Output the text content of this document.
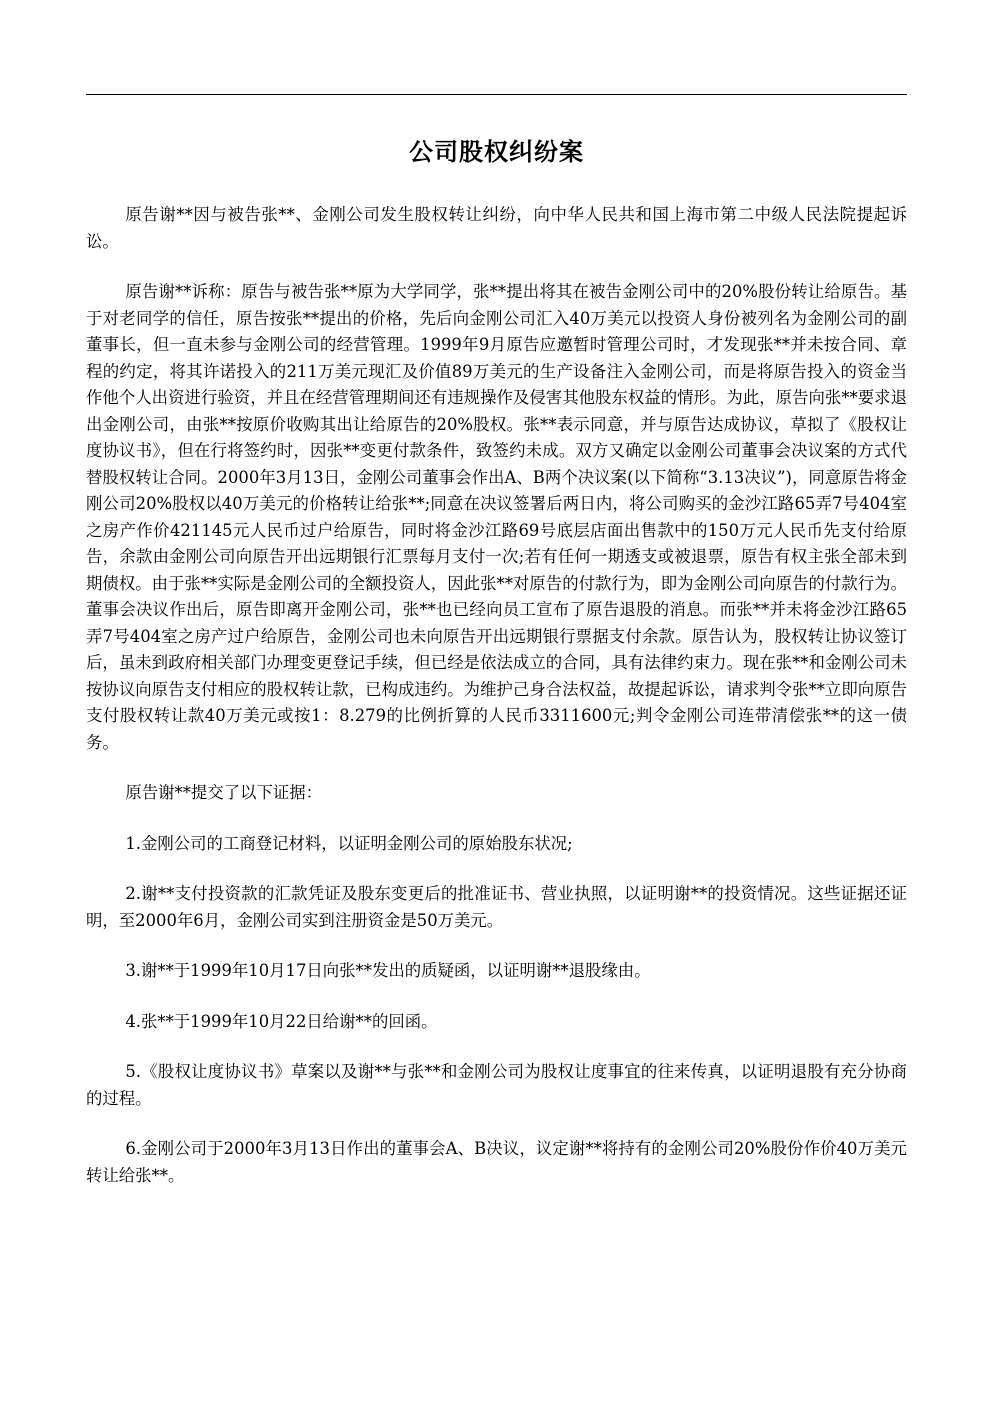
公司股权纠纷案

原告谢**因与被告张**、金刚公司发生股权转让纠纷，向中华人民共和国上海市第二中级人民法院提起诉讼。

原告谢**诉称：原告与被告张**原为大学同学，张**提出将其在被告金刚公司中的20%股份转让给原告。基于对老同学的信任，原告按张**提出的价格，先后向金刚公司汇入40万美元以投资人身份被列名为金刚公司的副董事长，但一直未参与金刚公司的经营管理。1999年9月原告应邀暂时管理公司时，才发现张**并未按合同、章程的约定，将其许诺投入的211万美元现汇及价值89万美元的生产设备注入金刚公司，而是将原告投入的资金当作他个人出资进行验资，并且在经营管理期间还有违规操作及侵害其他股东权益的情形。为此，原告向张**要求退出金刚公司，由张**按原价收购其出让给原告的20%股权。张**表示同意，并与原告达成协议，草拟了《股权让度协议书》，但在行将签约时，因张**变更付款条件，致签约未成。双方又确定以金刚公司董事会决议案的方式代替股权转让合同。2000年3月13日，金刚公司董事会作出A、B两个决议案(以下简称“3.13决议”)，同意原告将金刚公司20%股权以40万美元的价格转让给张**;同意在决议签署后两日内，将公司购买的金沙江路65弄7号404室之房产作价421145元人民币过户给原告，同时将金沙江路69号底层店面出售款中的150万元人民币先支付给原告，余款由金刚公司向原告开出远期银行汇票每月支付一次;若有任何一期透支或被退票，原告有权主张全部未到期债权。由于张**实际是金刚公司的全额投资人，因此张**对原告的付款行为，即为金刚公司向原告的付款行为。董事会决议作出后，原告即离开金刚公司，张**也已经向员工宣布了原告退股的消息。而张**并未将金沙江路65弄7号404室之房产过户给原告，金刚公司也未向原告开出远期银行票据支付余款。原告认为，股权转让协议签订后，虽未到政府相关部门办理变更登记手续，但已经是依法成立的合同，具有法律约束力。现在张**和金刚公司未按协议向原告支付相应的股权转让款，已构成违约。为维护己身合法权益，故提起诉讼，请求判令张**立即向原告支付股权转让款40万美元或按1：8.279的比例折算的人民币3311600元;判令金刚公司连带清偿张**的这一债务。

原告谢**提交了以下证据：

1.金刚公司的工商登记材料，以证明金刚公司的原始股东状况;

2.谢**支付投资款的汇款凭证及股东变更后的批准证书、营业执照，以证明谢**的投资情况。这些证据还证明，至2000年6月，金刚公司实到注册资金是50万美元。

3.谢**于1999年10月17日向张**发出的质疑函，以证明谢**退股缘由。

4.张**于1999年10月22日给谢**的回函。

5.《股权让度协议书》草案以及谢**与张**和金刚公司为股权让度事宜的往来传真，以证明退股有充分协商的过程。

6.金刚公司于2000年3月13日作出的董事会A、B决议，议定谢**将持有的金刚公司20%股份作价40万美元转让给张**。
